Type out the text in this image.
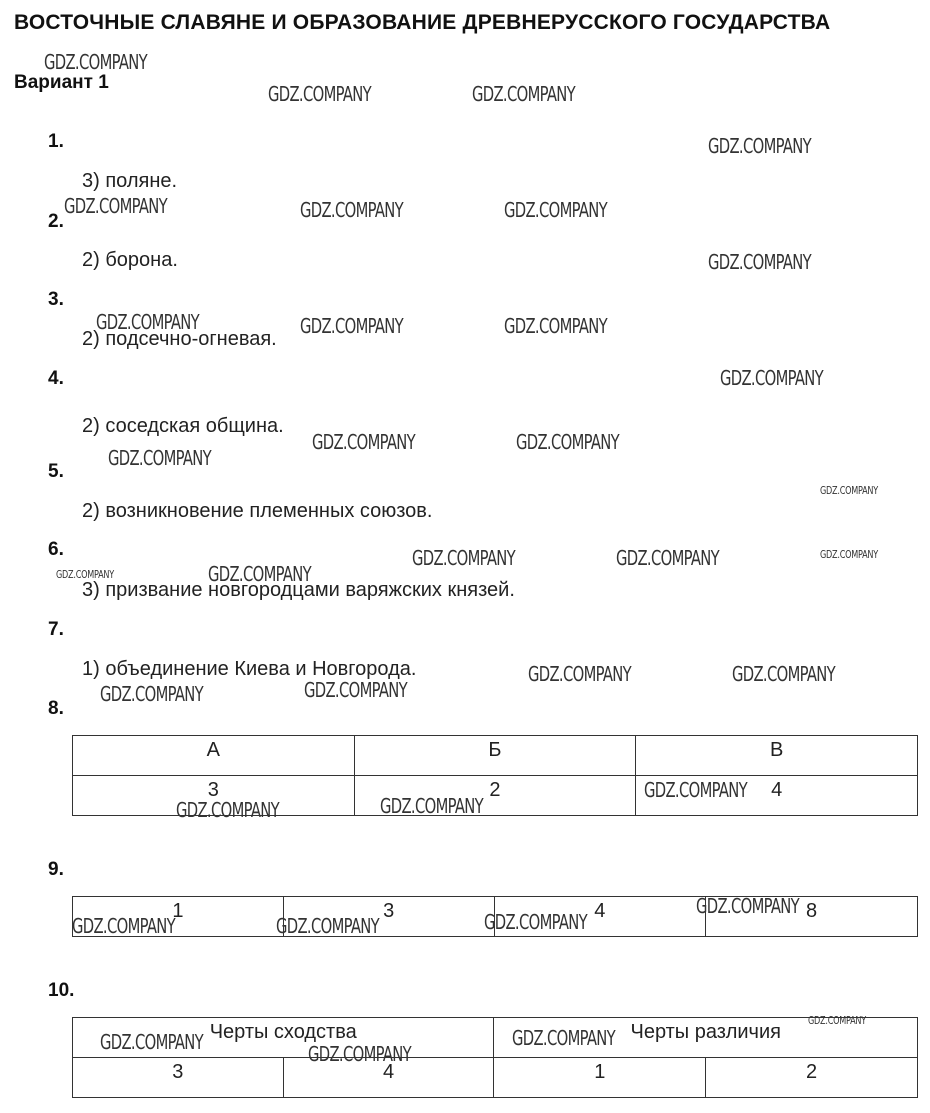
ВОСТОЧНЫЕ СЛАВЯНЕ И ОБРАЗОВАНИЕ ДРЕВНЕРУССКОГО ГОСУДАРСТВА
Вариант 1
1.
3) поляне.
2.
2) борона.
3.
2) подсечно-огневая.
4.
2) соседская община.
5.
2) возникновение племенных союзов.
6.
3) призвание новгородцами варяжских князей.
7.
1) объединение Киева и Новгорода.
8.
А	Б	В
3	2	4
9.
1	3	4	8
10.
Черты сходства		Черты различия	
3	4	1	2
GDZ.COMPANY
GDZ.COMPANY	GDZ.COMPANY
GDZ.COMPANY
GDZ.COMPANY	GDZ.COMPANY	GDZ.COMPANY
GDZ.COMPANY
GDZ.COMPANY	GDZ.COMPANY	GDZ.COMPANY
GDZ.COMPANY
GDZ.COMPANY	GDZ.COMPANY
GDZ.COMPANY
GDZ.COMPANY
GDZ.COMPANY	GDZ.COMPANY	GDZ.COMPANY
GDZ.COMPANY	GDZ.COMPANY
GDZ.COMPANY	GDZ.COMPANY
GDZ.COMPANY
GDZ.COMPANY
GDZ.COMPANY
GDZ.COMPANY
GDZ.COMPANY
GDZ.COMPANY
GDZ.COMPANY
GDZ.COMPANY
GDZ.COMPANY
GDZ.COMPANY
GDZ.COMPANY
GDZ.COMPANY	GDZ.COMPANY
